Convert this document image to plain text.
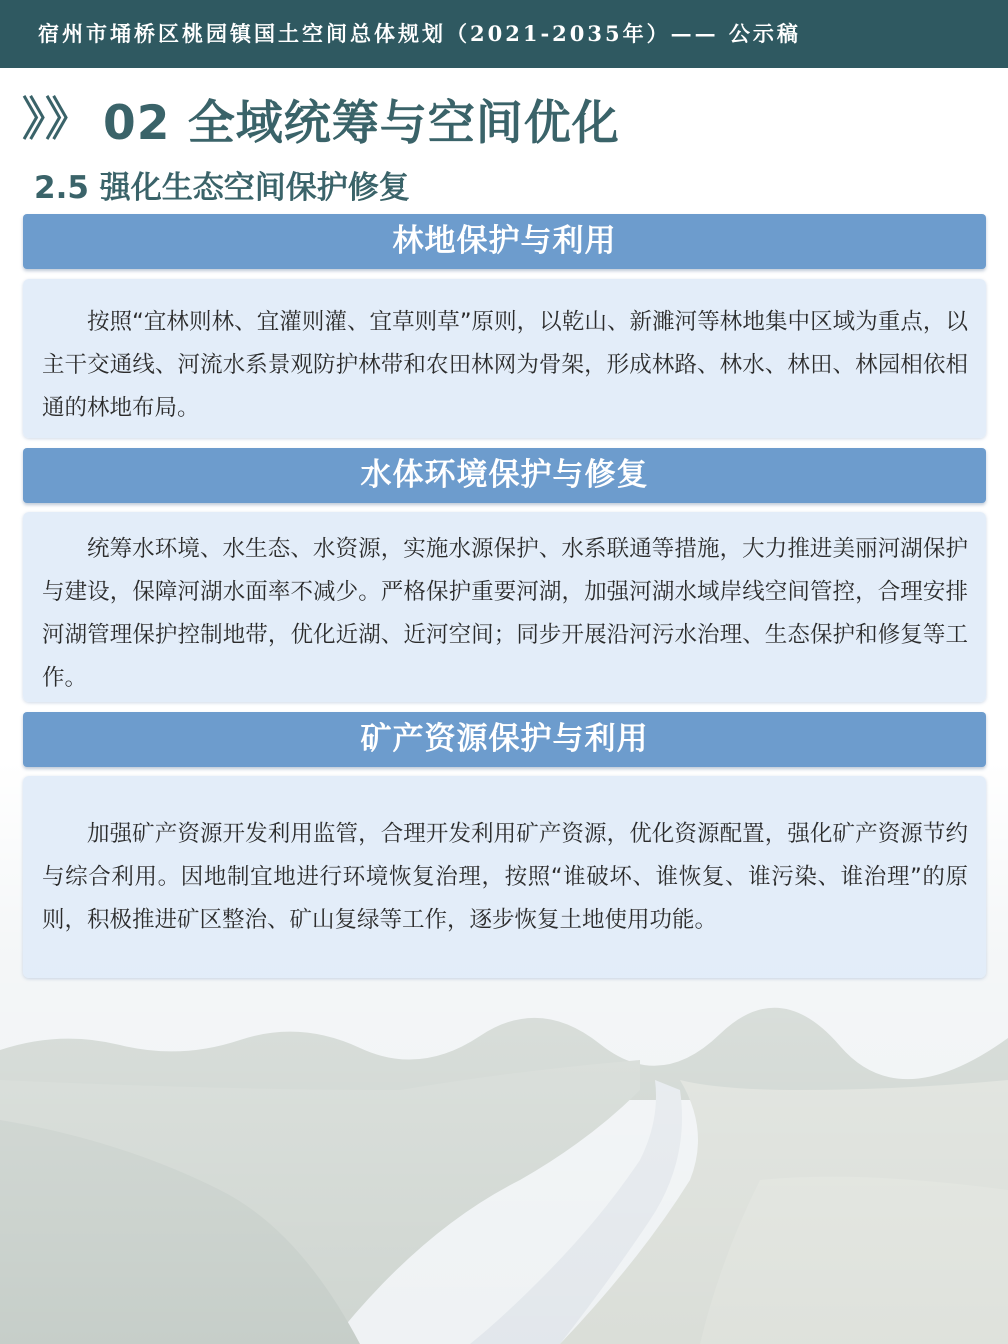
宿州市埇桥区桃园镇国土空间总体规划（2021-2035年）—— 公示稿
》》 02 全域统筹与空间优化
2.5 强化生态空间保护修复
林地保护与利用

按照“宜林则林、宜灌则灌、宜草则草”原则，以乾山、新濉河等林地集中区域为重点，以主干交通线、河流水系景观防护林带和农田林网为骨架，形成林路、林水、林田、林园相依相通的林地布局。

水体环境保护与修复

统筹水环境、水生态、水资源，实施水源保护、水系联通等措施，大力推进美丽河湖保护与建设，保障河湖水面率不减少。严格保护重要河湖，加强河湖水域岸线空间管控，合理安排河湖管理保护控制地带，优化近湖、近河空间；同步开展沿河污水治理、生态保护和修复等工作。

矿产资源保护与利用

加强矿产资源开发利用监管，合理开发利用矿产资源，优化资源配置，强化矿产资源节约与综合利用。因地制宜地进行环境恢复治理，按照“谁破坏、谁恢复、谁污染、谁治理”的原则，积极推进矿区整治、矿山复绿等工作，逐步恢复土地使用功能。
